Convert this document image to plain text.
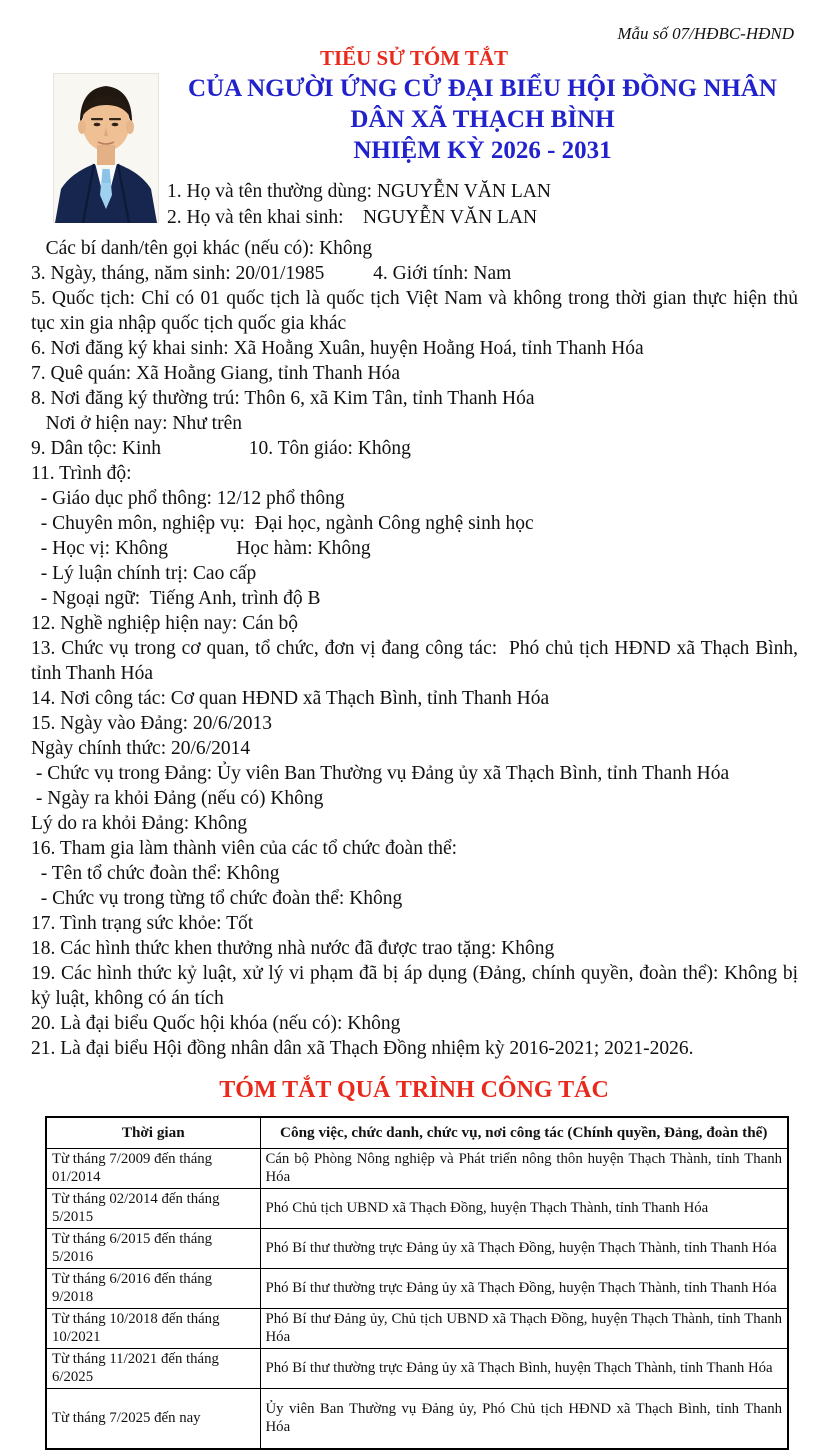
Mẫu số 07/HĐBC-HĐND
TIỂU SỬ TÓM TẮT
CỦA NGƯỜI ỨNG CỬ ĐẠI BIỂU HỘI ĐỒNG NHÂN
DÂN XÃ THẠCH BÌNH
NHIỆM KỲ 2026 - 2031
1. Họ và tên thường dùng: NGUYỄN VĂN LAN
2. Họ và tên khai sinh:    NGUYỄN VĂN LAN
Các bí danh/tên gọi khác (nếu có): Không
3. Ngày, tháng, năm sinh: 20/01/1985          4. Giới tính: Nam
5. Quốc tịch: Chỉ có 01 quốc tịch là quốc tịch Việt Nam và không trong thời gian thực hiện thủ tục xin gia nhập quốc tịch quốc gia khác
6. Nơi đăng ký khai sinh: Xã Hoằng Xuân, huyện Hoằng Hoá, tỉnh Thanh Hóa
7. Quê quán: Xã Hoằng Giang, tỉnh Thanh Hóa
8. Nơi đăng ký thường trú: Thôn 6, xã Kim Tân, tỉnh Thanh Hóa
Nơi ở hiện nay: Như trên
9. Dân tộc: Kinh                  10. Tôn giáo: Không
11. Trình độ:
- Giáo dục phổ thông: 12/12 phổ thông
- Chuyên môn, nghiệp vụ:  Đại học, ngành Công nghệ sinh học
- Học vị: Không              Học hàm: Không
- Lý luận chính trị: Cao cấp
- Ngoại ngữ:  Tiếng Anh, trình độ B
12. Nghề nghiệp hiện nay: Cán bộ
13. Chức vụ trong cơ quan, tổ chức, đơn vị đang công tác:  Phó chủ tịch HĐND xã Thạch Bình, tỉnh Thanh Hóa
14. Nơi công tác: Cơ quan HĐND xã Thạch Bình, tỉnh Thanh Hóa
15. Ngày vào Đảng: 20/6/2013
Ngày chính thức: 20/6/2014
- Chức vụ trong Đảng: Ủy viên Ban Thường vụ Đảng ủy xã Thạch Bình, tỉnh Thanh Hóa
- Ngày ra khỏi Đảng (nếu có) Không
Lý do ra khỏi Đảng: Không
16. Tham gia làm thành viên của các tổ chức đoàn thể:
- Tên tổ chức đoàn thể: Không
- Chức vụ trong từng tổ chức đoàn thể: Không
17. Tình trạng sức khỏe: Tốt
18. Các hình thức khen thưởng nhà nước đã được trao tặng: Không
19. Các hình thức kỷ luật, xử lý vi phạm đã bị áp dụng (Đảng, chính quyền, đoàn thể): Không bị kỷ luật, không có án tích
20. Là đại biểu Quốc hội khóa (nếu có): Không
21. Là đại biểu Hội đồng nhân dân xã Thạch Đồng nhiệm kỳ 2016-2021; 2021-2026.
TÓM TẮT QUÁ TRÌNH CÔNG TÁC
Thời gian	Công việc, chức danh, chức vụ, nơi công tác (Chính quyền, Đảng, đoàn thể)
Từ tháng 7/2009 đến tháng 01/2014	Cán bộ Phòng Nông nghiệp và Phát triển nông thôn huyện Thạch Thành, tỉnh Thanh Hóa
Từ tháng 02/2014 đến tháng 5/2015	Phó Chủ tịch UBND xã Thạch Đồng, huyện Thạch Thành, tỉnh Thanh Hóa
Từ tháng 6/2015 đến tháng 5/2016	Phó Bí thư thường trực Đảng ủy xã Thạch Đồng, huyện Thạch Thành, tỉnh Thanh Hóa
Từ tháng 6/2016 đến tháng 9/2018	Phó Bí thư thường trực Đảng ủy xã Thạch Đồng, huyện Thạch Thành, tỉnh Thanh Hóa
Từ tháng 10/2018 đến tháng 10/2021	Phó Bí thư Đảng ủy, Chủ tịch UBND xã Thạch Đồng, huyện Thạch Thành, tỉnh Thanh Hóa
Từ tháng 11/2021 đến tháng 6/2025	Phó Bí thư thường trực Đảng ủy xã Thạch Bình, huyện Thạch Thành, tỉnh Thanh Hóa
Từ tháng 7/2025 đến nay	Ủy viên Ban Thường vụ Đảng ủy, Phó Chủ tịch HĐND xã Thạch Bình, tỉnh Thanh Hóa
